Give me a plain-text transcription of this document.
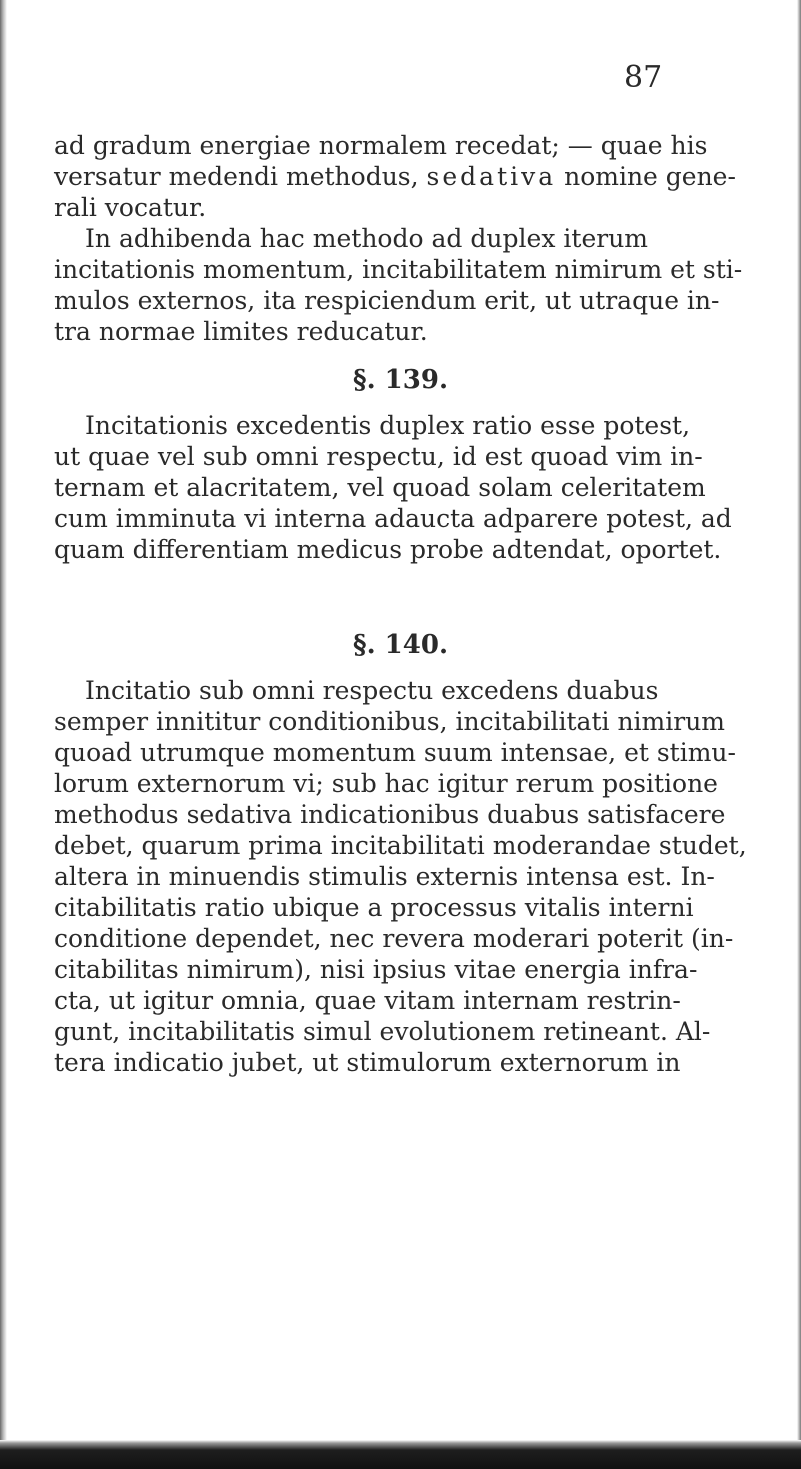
87
ad gradum energiae normalem recedat; — quae his
versatur medendi methodus, sedativa nomine gene-
rali vocatur.
In adhibenda hac methodo ad duplex iterum
incitationis momentum, incitabilitatem nimirum et sti-
mulos externos, ita respiciendum erit, ut utraque in-
tra normae limites reducatur.
§. 139.
Incitationis excedentis duplex ratio esse potest,
ut quae vel sub omni respectu, id est quoad vim in-
ternam et alacritatem, vel quoad solam celeritatem
cum imminuta vi interna adaucta adparere potest, ad
quam differentiam medicus probe adtendat, oportet.
§. 140.
Incitatio sub omni respectu excedens duabus
semper innititur conditionibus, incitabilitati nimirum
quoad utrumque momentum suum intensae, et stimu-
lorum externorum vi; sub hac igitur rerum positione
methodus sedativa indicationibus duabus satisfacere
debet, quarum prima incitabilitati moderandae studet,
altera in minuendis stimulis externis intensa est. In-
citabilitatis ratio ubique a processus vitalis interni
conditione dependet, nec revera moderari poterit (in-
citabilitas nimirum), nisi ipsius vitae energia infra-
cta, ut igitur omnia, quae vitam internam restrin-
gunt, incitabilitatis simul evolutionem retineant. Al-
tera indicatio jubet, ut stimulorum externorum in
